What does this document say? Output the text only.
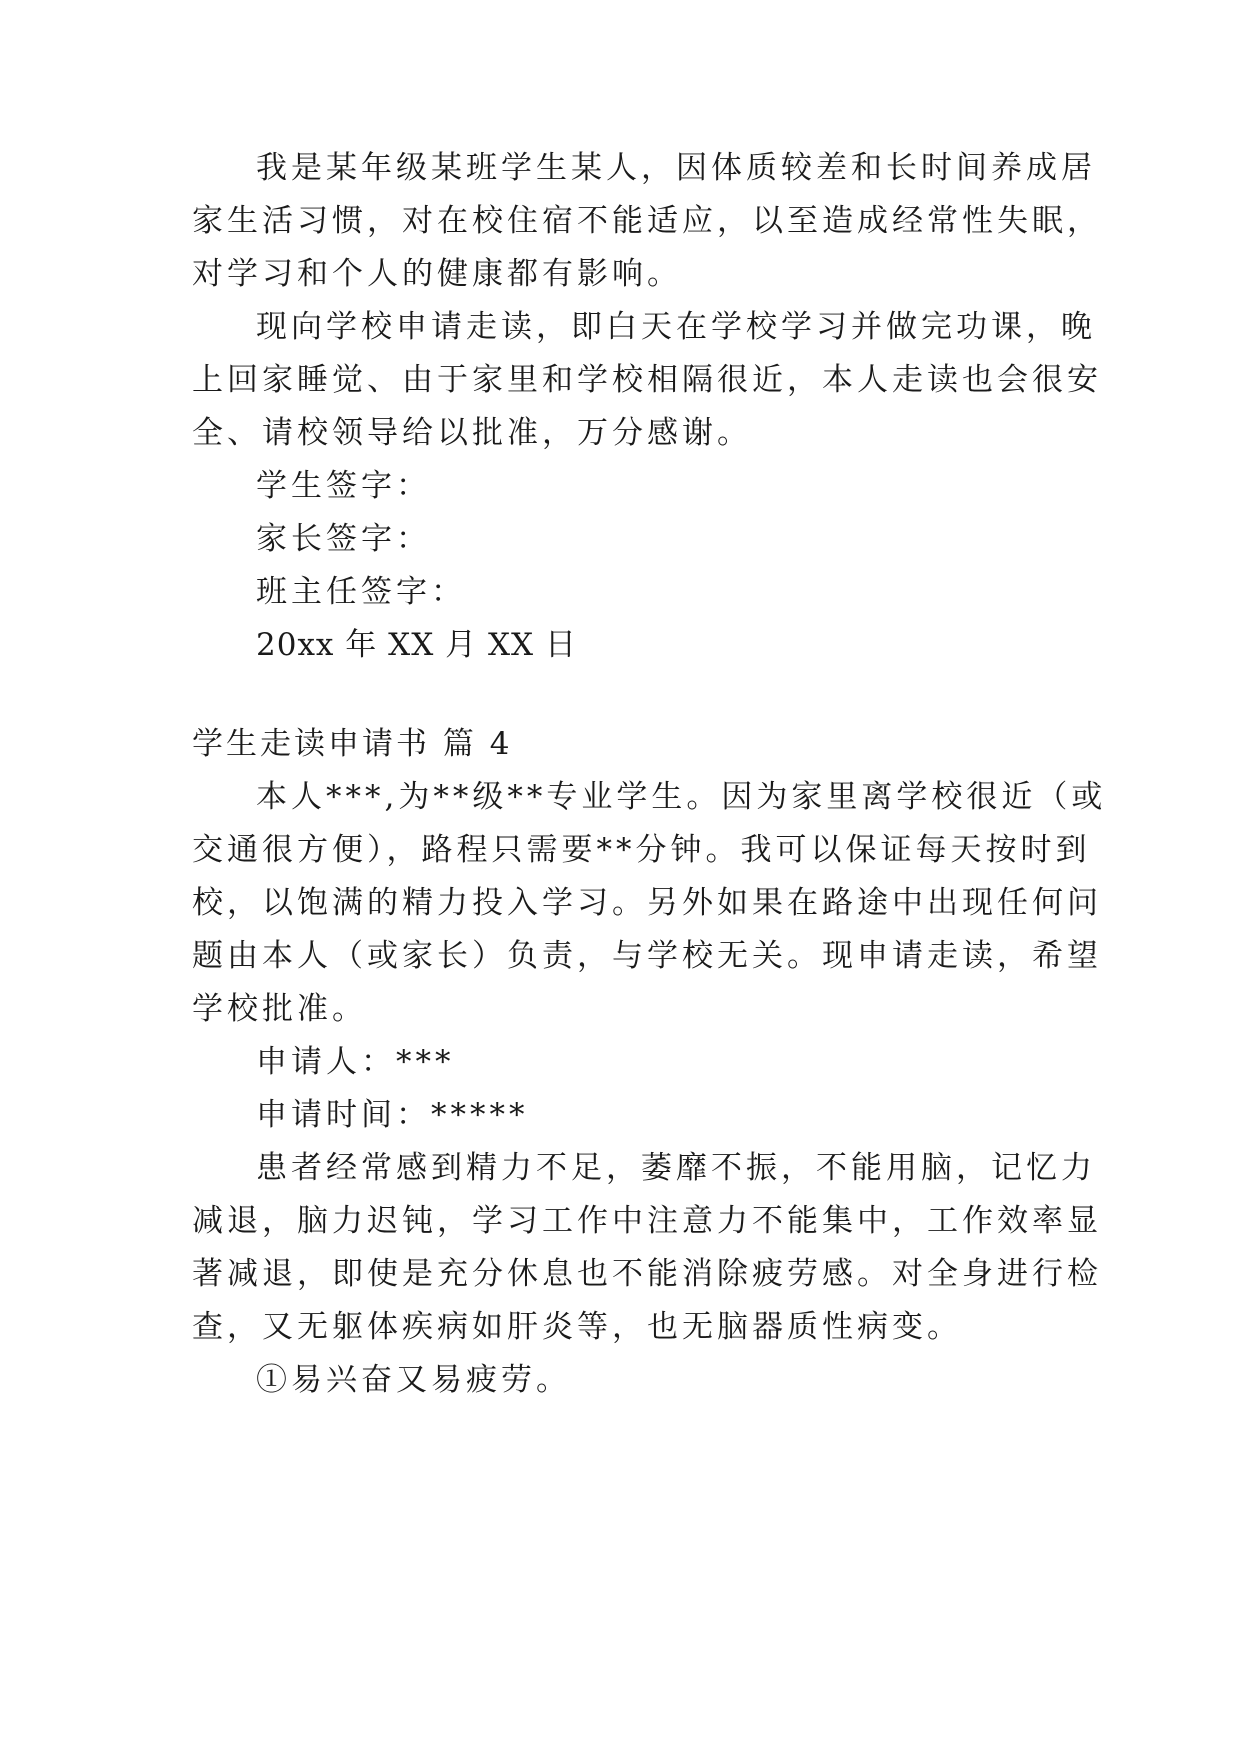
我是某年级某班学生某人，因体质较差和长时间养成居
家生活习惯，对在校住宿不能适应，以至造成经常性失眠，
对学习和个人的健康都有影响。
现向学校申请走读，即白天在学校学习并做完功课，晚
上回家睡觉、由于家里和学校相隔很近，本人走读也会很安
全、请校领导给以批准，万分感谢。
学生签字：
家长签字：
班主任签字：
20xx 年 XX 月 XX 日
学生走读申请书 篇 4
本人***,为**级**专业学生。因为家里离学校很近（或
交通很方便），路程只需要**分钟。我可以保证每天按时到
校，以饱满的精力投入学习。另外如果在路途中出现任何问
题由本人（或家长）负责，与学校无关。现申请走读，希望
学校批准。
申请人：***
申请时间：*****
患者经常感到精力不足，萎靡不振，不能用脑，记忆力
减退，脑力迟钝，学习工作中注意力不能集中，工作效率显
著减退，即使是充分休息也不能消除疲劳感。对全身进行检
查，又无躯体疾病如肝炎等，也无脑器质性病变。
①易兴奋又易疲劳。
